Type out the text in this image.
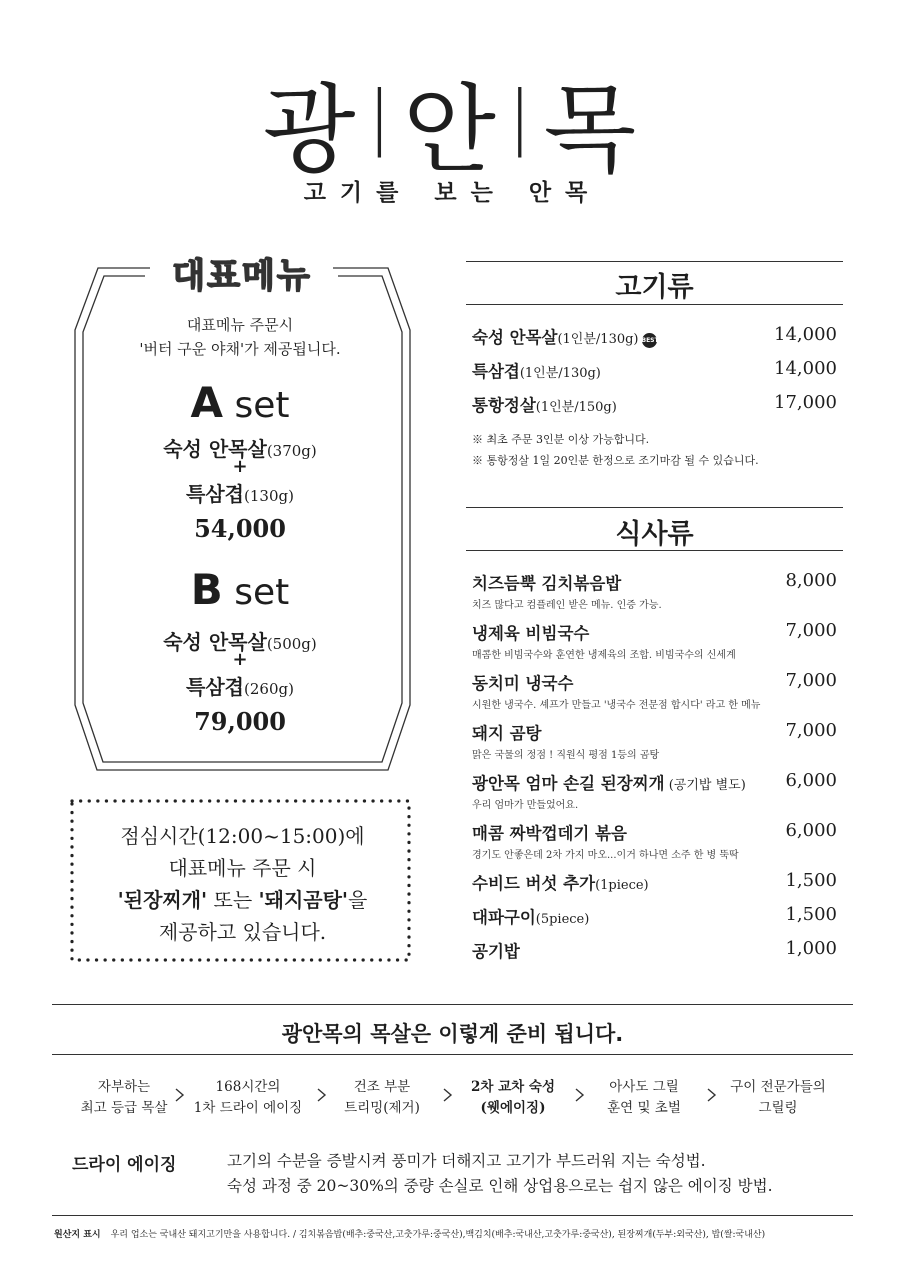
광|안|목
고기를 보는 안목
대표메뉴
대표메뉴 주문시
'버터 구운 야채'가 제공됩니다.
A set
숙성 안목살(370g)
+
특삼겹(130g)
54,000
B set
숙성 안목살(500g)
+
특삼겹(260g)
79,000
점심시간(12:00~15:00)에
대표메뉴 주문 시
'된장찌개' 또는 '돼지곰탕'을
제공하고 있습니다.
고기류
숙성 안목살(1인분/130g) BEST	14,000
특삼겹(1인분/130g)	14,000
통항정살(1인분/150g)	17,000
※ 최초 주문 3인분 이상 가능합니다.
※ 통항정살 1일 20인분 한정으로 조기마감 될 수 있습니다.
식사류
치즈듬뿍 김치볶음밥	8,000
치즈 많다고 컴플레인 받은 메뉴. 인증 가능.
냉제육 비빔국수	7,000
매콤한 비빔국수와 훈연한 냉제육의 조합. 비빔국수의 신세계
동치미 냉국수	7,000
시원한 냉국수. 셰프가 만들고 '냉국수 전문점 합시다' 라고 한 메뉴
돼지 곰탕	7,000
맑은 국물의 정점 ! 직원식 평점 1등의 곰탕
광안목 엄마 손길 된장찌개 (공기밥 별도) 6,000
우리 엄마가 만들었어요.
매콤 짜박껍데기 볶음	6,000
경기도 안좋은데 2차 가지 마오...이거 하나면 소주 한 병 뚝딱
수비드 버섯 추가(1piece)	1,500
대파구이(5piece)	1,500
공기밥	1,000
광안목의 목살은 이렇게 준비 됩니다.
자부하는
최고 등급 목살
168시간의
1차 드라이 에이징
건조 부분
트리밍(제거)
2차 교차 숙성
(웻에이징)
아사도 그릴
훈연 및 초벌
구이 전문가들의
그릴링
드라이 에이징	고기의 수분을 증발시켜 풍미가 더해지고 고기가 부드러워 지는 숙성법.
숙성 과정 중 20~30%의 중량 손실로 인해 상업용으로는 쉽지 않은 에이징 방법.
원산지 표시 우리 업소는 국내산 돼지고기만을 사용합니다. / 김치볶음밥(배추:중국산,고춧가루:중국산),백김치(배추:국내산,고춧가루:중국산), 된장찌개(두부:외국산), 밥(쌀:국내산)
